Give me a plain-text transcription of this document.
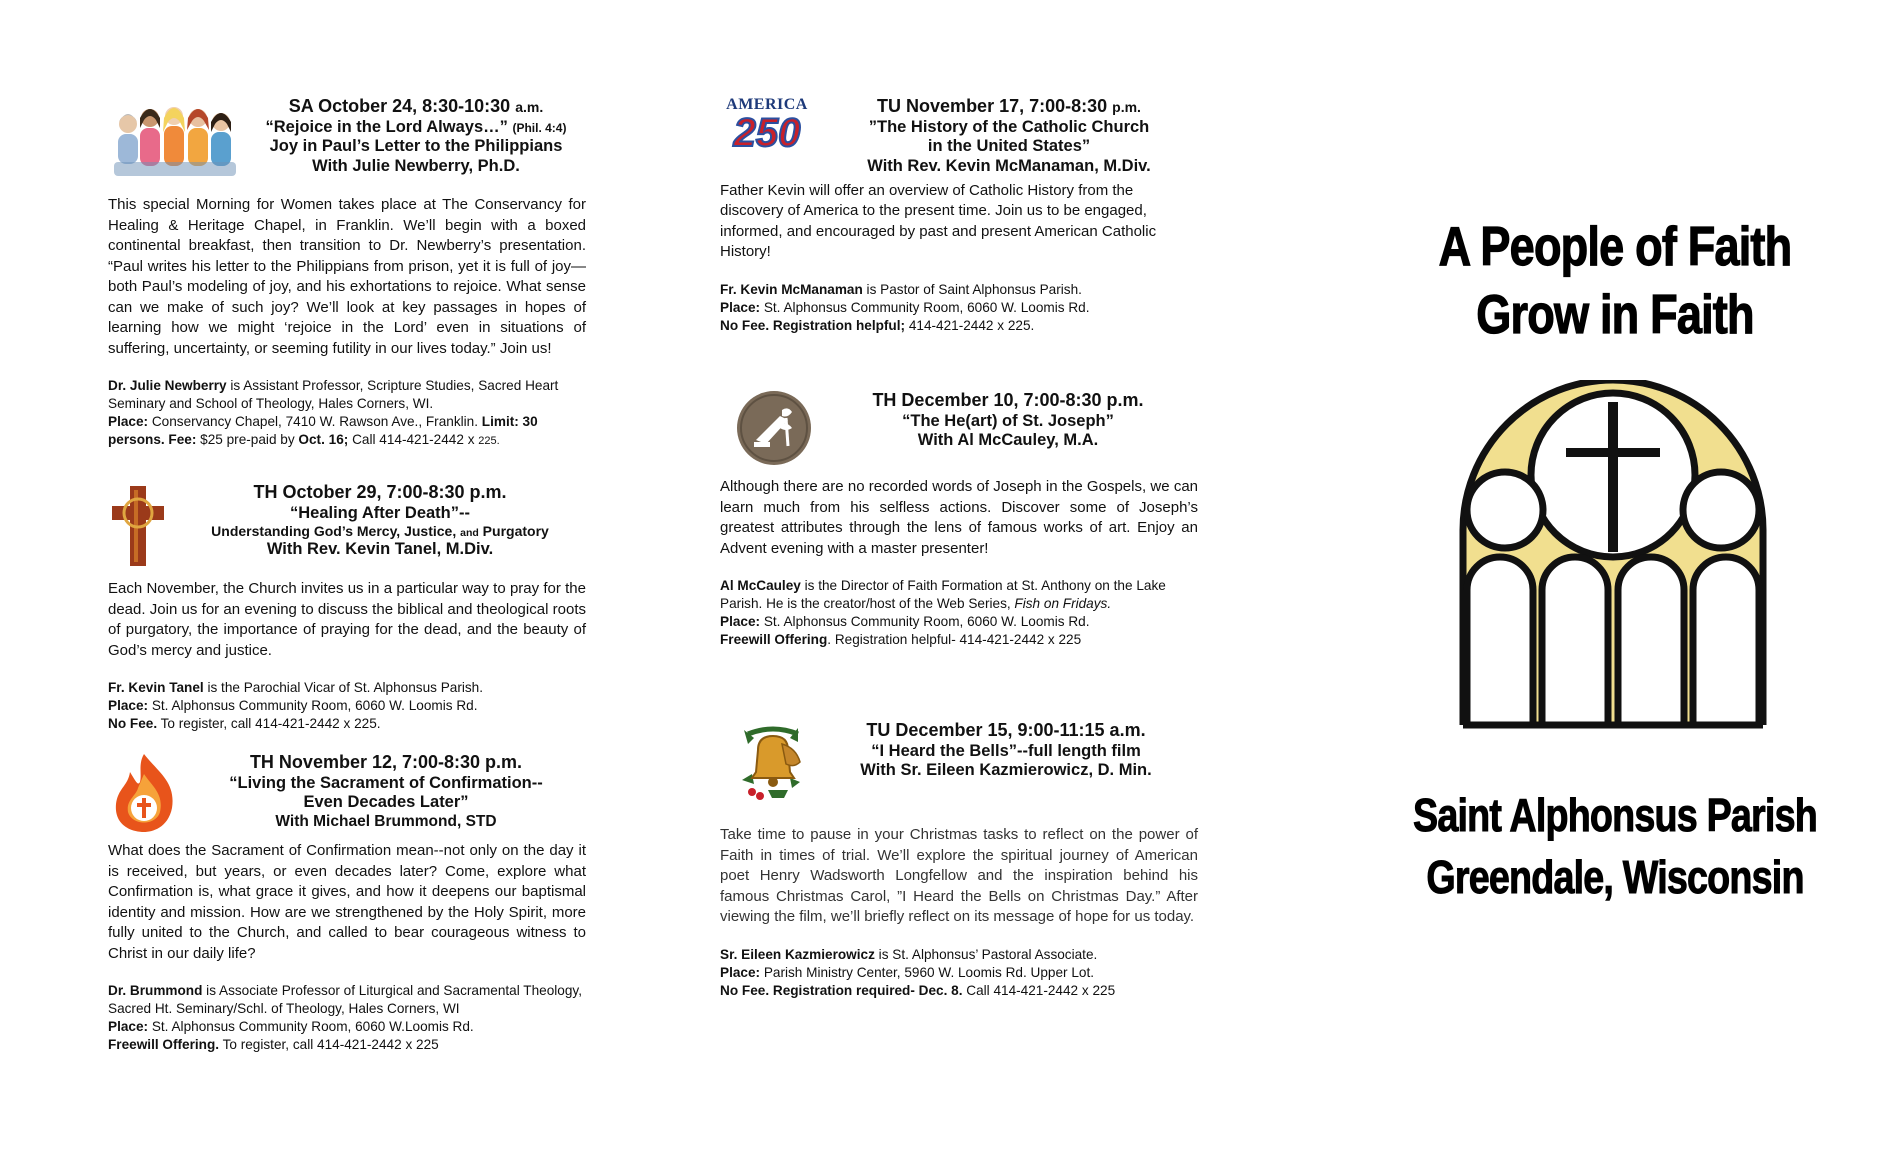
SA October 24, 8:30-10:30 a.m.
“Rejoice in the Lord Always…” (Phil. 4:4)
Joy in Paul’s Letter to the Philippians
With Julie Newberry, Ph.D.

This special Morning for Women takes place at The Conservancy for Healing & Heritage Chapel, in Franklin. We’ll begin with a boxed continental breakfast, then transition to Dr. Newberry’s presentation. “Paul writes his letter to the Philippians from prison, yet it is full of joy—both Paul’s modeling of joy, and his exhortations to rejoice. What sense can we make of such joy? We’ll look at key passages in hopes of learning how we might ‘rejoice in the Lord’ even in situations of suffering, uncertainty, or seeming futility in our lives today.” Join us!

Dr. Julie Newberry is Assistant Professor, Scripture Studies, Sacred Heart Seminary and School of Theology, Hales Corners, WI.

Place: Conservancy Chapel, 7410 W. Rawson Ave., Franklin. Limit: 30 persons. Fee: $25 pre-paid by Oct. 16; Call 414-421-2442 x 225.

TH October 29, 7:00-8:30 p.m.
“Healing After Death”--
Understanding God’s Mercy, Justice, and Purgatory
With Rev. Kevin Tanel, M.Div.

Each November, the Church invites us in a particular way to pray for the dead. Join us for an evening to discuss the biblical and theological roots of purgatory, the importance of praying for the dead, and the beauty of God’s mercy and justice.

Fr. Kevin Tanel is the Parochial Vicar of St. Alphonsus Parish.

Place: St. Alphonsus Community Room, 6060 W. Loomis Rd.

No Fee. To register, call 414-421-2442 x 225.

TH November 12, 7:00-8:30 p.m.
“Living the Sacrament of Confirmation--
Even Decades Later”
With Michael Brummond, STD

What does the Sacrament of Confirmation mean--not only on the day it is received, but years, or even decades later? Come, explore what Confirmation is, what grace it gives, and how it deepens our baptismal identity and mission. How are we strengthened by the Holy Spirit, more fully united to the Church, and called to bear courageous witness to Christ in our daily life?

Dr. Brummond is Associate Professor of Liturgical and Sacramental Theology, Sacred Ht. Seminary/Schl. of Theology, Hales Corners, WI

Place: St. Alphonsus Community Room, 6060 W.Loomis Rd.

Freewill Offering. To register, call 414-421-2442 x 225

AMERICA
250
TU November 17, 7:00-8:30 p.m.
”The History of the Catholic Church
in the United States”
With Rev. Kevin McManaman, M.Div.

Father Kevin will offer an overview of Catholic History from the discovery of America to the present time. Join us to be engaged, informed, and encouraged by past and present American Catholic History!

Fr. Kevin McManaman is Pastor of Saint Alphonsus Parish.

Place: St. Alphonsus Community Room, 6060 W. Loomis Rd.

No Fee. Registration helpful; 414-421-2442 x 225.

TH December 10, 7:00-8:30 p.m.
“The He(art) of St. Joseph”
With Al McCauley, M.A.

Although there are no recorded words of Joseph in the Gospels, we can learn much from his selfless actions. Discover some of Joseph’s greatest attributes through the lens of famous works of art. Enjoy an Advent evening with a master presenter!

Al McCauley is the Director of Faith Formation at St. Anthony on the Lake Parish. He is the creator/host of the Web Series, Fish on Fridays.

Place: St. Alphonsus Community Room, 6060 W. Loomis Rd.

Freewill Offering. Registration helpful- 414-421-2442 x 225

TU December 15, 9:00-11:15 a.m.
“I Heard the Bells”--full length film
With Sr. Eileen Kazmierowicz, D. Min.

Take time to pause in your Christmas tasks to reflect on the power of Faith in times of trial. We’ll explore the spiritual journey of American poet Henry Wadsworth Longfellow and the inspiration behind his famous Christmas Carol, ”I Heard the Bells on Christmas Day.” After viewing the film, we’ll briefly reflect on its message of hope for us today.

Sr. Eileen Kazmierowicz is St. Alphonsus’ Pastoral Associate.

Place: Parish Ministry Center, 5960 W. Loomis Rd. Upper Lot.

No Fee. Registration required- Dec. 8. Call 414-421-2442 x 225

A People of Faith
Grow in Faith
Saint Alphonsus Parish
Greendale, Wisconsin
